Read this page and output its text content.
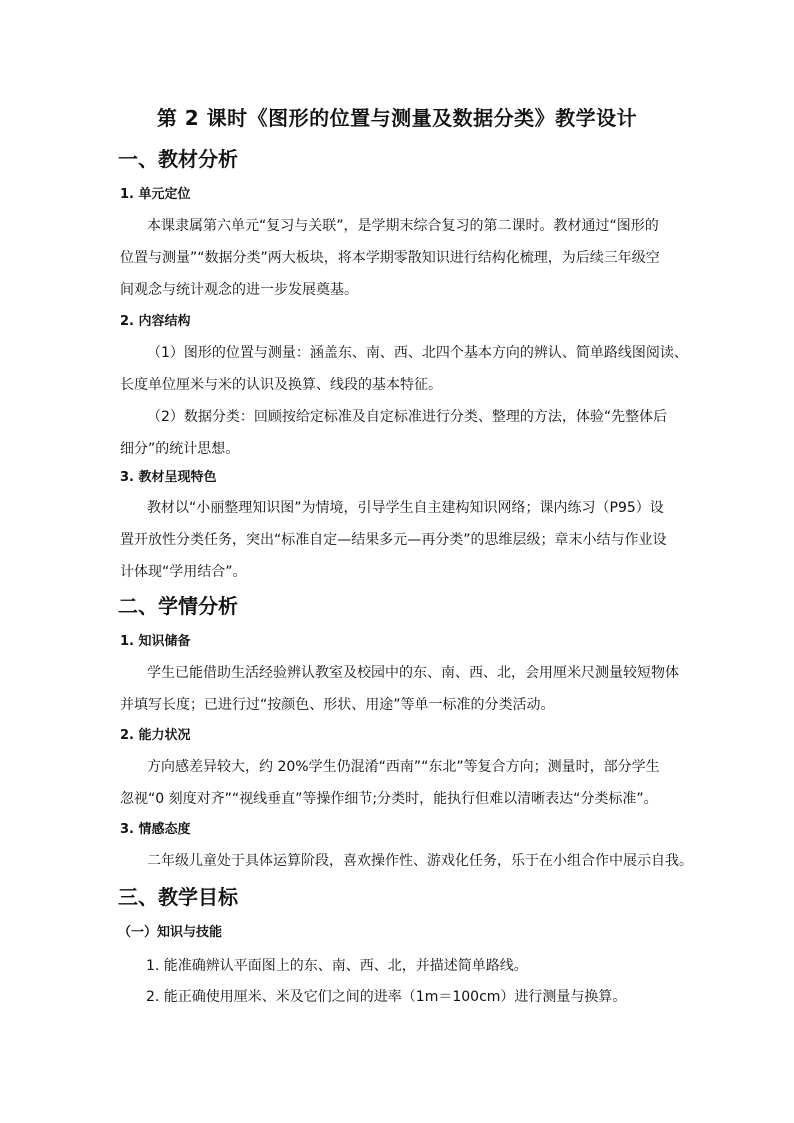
第 2 课时《图形的位置与测量及数据分类》教学设计
一、教材分析
1. 单元定位
本课隶属第六单元“复习与关联”，是学期末综合复习的第二课时。教材通过“图形的
位置与测量”“数据分类”两大板块，将本学期零散知识进行结构化梳理，为后续三年级空
间观念与统计观念的进一步发展奠基。
2. 内容结构
（1）图形的位置与测量：涵盖东、南、西、北四个基本方向的辨认、简单路线图阅读、
长度单位厘米与米的认识及换算、线段的基本特征。
（2）数据分类：回顾按给定标准及自定标准进行分类、整理的方法，体验“先整体后
细分”的统计思想。
3. 教材呈现特色
教材以“小丽整理知识图”为情境，引导学生自主建构知识网络；课内练习（P95）设
置开放性分类任务，突出“标准自定—结果多元—再分类”的思维层级；章末小结与作业设
计体现“学用结合”。
二、学情分析
1. 知识储备
学生已能借助生活经验辨认教室及校园中的东、南、西、北，会用厘米尺测量较短物体
并填写长度；已进行过“按颜色、形状、用途”等单一标准的分类活动。
2. 能力状况
方向感差异较大，约 20%学生仍混淆“西南”“东北”等复合方向；测量时，部分学生
忽视“0 刻度对齐”“视线垂直”等操作细节;分类时，能执行但难以清晰表达“分类标准”。
3. 情感态度
二年级儿童处于具体运算阶段，喜欢操作性、游戏化任务，乐于在小组合作中展示自我。
三、教学目标
（一）知识与技能
1. 能准确辨认平面图上的东、南、西、北，并描述简单路线。
2. 能正确使用厘米、米及它们之间的进率（1m＝100cm）进行测量与换算。
